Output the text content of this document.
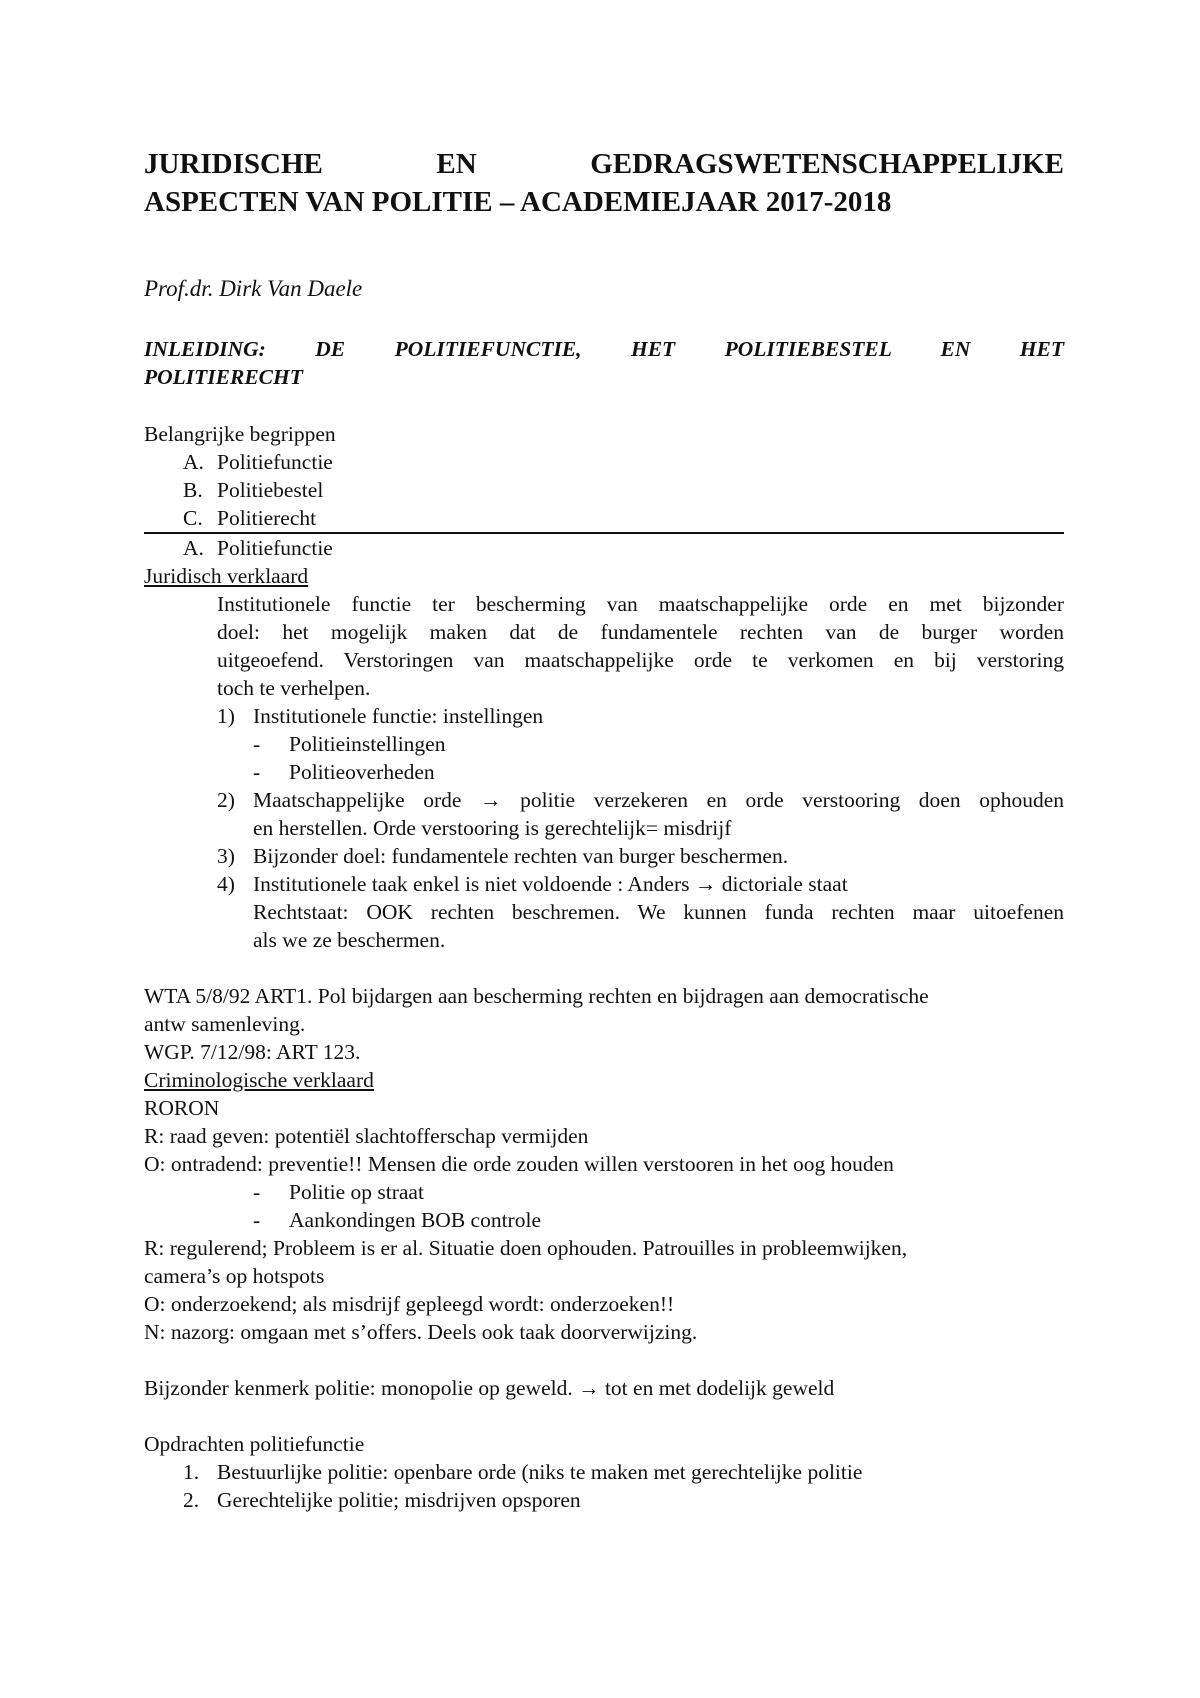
JURIDISCHE EN GEDRAGSWETENSCHAPPELIJKE
ASPECTEN VAN POLITIE – ACADEMIEJAAR 2017-2018
Prof.dr. Dirk Van Daele
INLEIDING: DE POLITIEFUNCTIE, HET POLITIEBESTEL EN HET
POLITIERECHT
Belangrijke begrippen
A. Politiefunctie
B. Politiebestel
C. Politierecht
A. Politiefunctie
Juridisch verklaard
Institutionele functie ter bescherming van maatschappelijke orde en met bijzonder
doel: het mogelijk maken dat de fundamentele rechten van de burger worden
uitgeoefend. Verstoringen van maatschappelijke orde te verkomen en bij verstoring
toch te verhelpen.
1) Institutionele functie: instellingen
- Politieinstellingen
- Politieoverheden
2) Maatschappelijke orde → politie verzekeren en orde verstooring doen ophouden
en herstellen. Orde verstooring is gerechtelijk= misdrijf
3) Bijzonder doel: fundamentele rechten van burger beschermen.
4) Institutionele taak enkel is niet voldoende : Anders → dictoriale staat
Rechtstaat: OOK rechten beschremen. We kunnen funda rechten maar uitoefenen
als we ze beschermen.
WTA 5/8/92 ART1. Pol bijdargen aan bescherming rechten en bijdragen aan democratische
antw samenleving.
WGP. 7/12/98: ART 123.
Criminologische verklaard
RORON
R: raad geven: potentiël slachtofferschap vermijden
O: ontradend: preventie!! Mensen die orde zouden willen verstooren in het oog houden
- Politie op straat
- Aankondingen BOB controle
R: regulerend; Probleem is er al. Situatie doen ophouden. Patrouilles in probleemwijken,
camera’s op hotspots
O: onderzoekend; als misdrijf gepleegd wordt: onderzoeken!!
N: nazorg: omgaan met s’offers. Deels ook taak doorverwijzing.
Bijzonder kenmerk politie: monopolie op geweld. → tot en met dodelijk geweld
Opdrachten politiefunctie
1. Bestuurlijke politie: openbare orde (niks te maken met gerechtelijke politie
2. Gerechtelijke politie; misdrijven opsporen
